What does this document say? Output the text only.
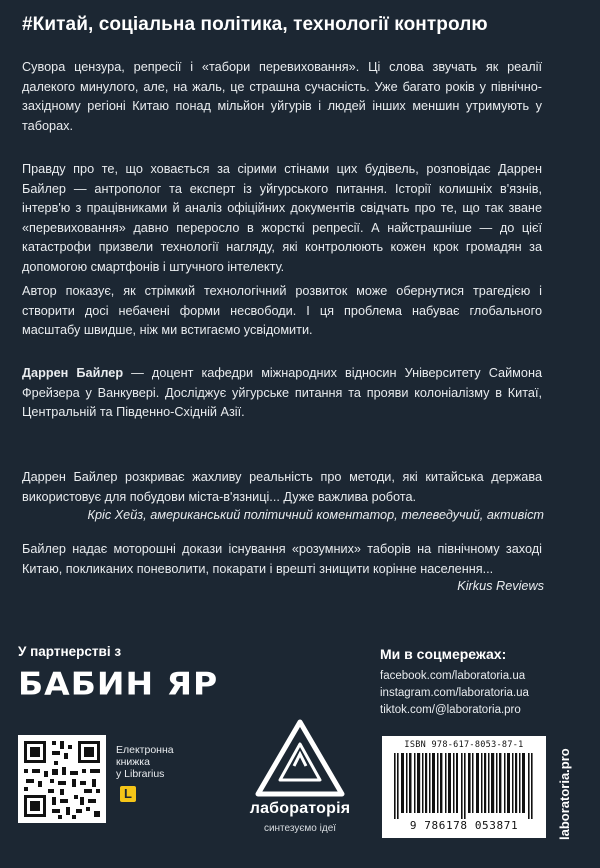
#Китай, соціальна політика, технології контролю

Сувора цензура, репресії і «табори перевиховання». Ці слова звучать як реалії далекого минулого, але, на жаль, це страшна сучасність. Уже багато років у північно-західному регіоні Китаю понад мільйон уйгурів і людей інших меншин утримують у таборах.

Правду про те, що ховається за сірими стінами цих будівель, розповідає Даррен Байлер — антрополог та експерт із уйгурського питання. Історії колишніх в'язнів, інтерв'ю з працівниками й аналіз офіційних документів свідчать про те, що так зване «перевиховання» давно переросло в жорсткі репресії. А найстрашніше — до цієї катастрофи призвели технології нагляду, які контролюють кожен крок громадян за допомогою смартфонів і штучного інтелекту.

Автор показує, як стрімкий технологічний розвиток може обернутися трагедією і створити досі небачені форми несвободи. І ця проблема набуває глобального масштабу швидше, ніж ми встигаємо усвідомити.

Даррен Байлер — доцент кафедри міжнародних відносин Університету Саймона Фрейзера у Ванкувері. Досліджує уйгурське питання та прояви колоніалізму в Китаї, Центральній та Південно-Східній Азії.

Даррен Байлер розкриває жахливу реальність про методи, які китайська держава використовує для побудови міста-в'язниці... Дуже важлива робота.

Кріс Хейз, американський політичний коментатор, телеведучий, активіст

Байлер надає моторошні докази існування «розумних» таборів на північному заході Китаю, покликаних поневолити, покарати і врешті знищити корінне населення...

Kirkus Reviews
У партнерстві з
БАБИН ЯР
Ми в соцмережах:
facebook.com/laboratoria.ua
instagram.com/laboratoria.ua
tiktok.com/@laboratoria.pro
Електронна
книжка
у Librarius
L
лабораторія
синтезуємо ідеї
ISBN 978-617-8053-87-1
9 786178 053871	laboratoria.pro
